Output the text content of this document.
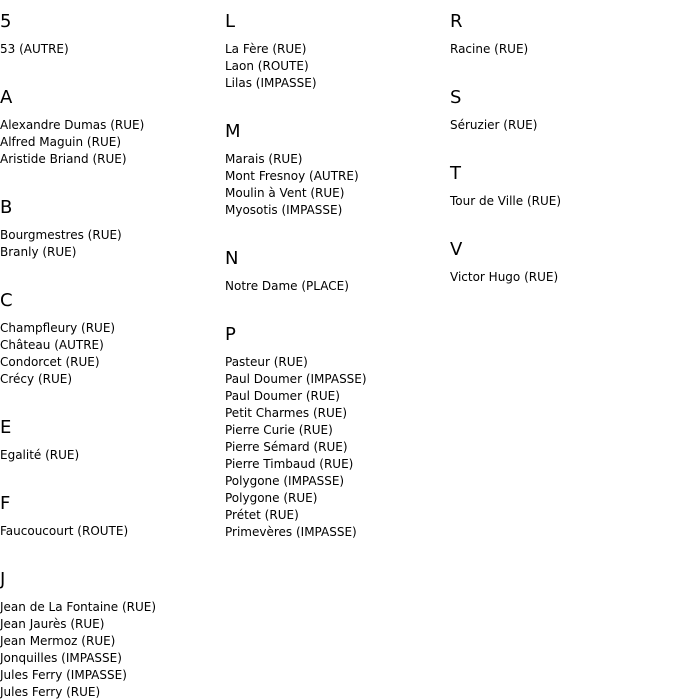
5
53 (AUTRE)
A
Alexandre Dumas (RUE)
Alfred Maguin (RUE)
Aristide Briand (RUE)
B
Bourgmestres (RUE)
Branly (RUE)
C
Champfleury (RUE)
Château (AUTRE)
Condorcet (RUE)
Crécy (RUE)
E
Egalité (RUE)
F
Faucoucourt (ROUTE)
J
Jean de La Fontaine (RUE)
Jean Jaurès (RUE)
Jean Mermoz (RUE)
Jonquilles (IMPASSE)
Jules Ferry (IMPASSE)
Jules Ferry (RUE)
L
La Fère (RUE)
Laon (ROUTE)
Lilas (IMPASSE)
M
Marais (RUE)
Mont Fresnoy (AUTRE)
Moulin à Vent (RUE)
Myosotis (IMPASSE)
N
Notre Dame (PLACE)
P
Pasteur (RUE)
Paul Doumer (IMPASSE)
Paul Doumer (RUE)
Petit Charmes (RUE)
Pierre Curie (RUE)
Pierre Sémard (RUE)
Pierre Timbaud (RUE)
Polygone (IMPASSE)
Polygone (RUE)
Prétet (RUE)
Primevères (IMPASSE)
R
Racine (RUE)
S
Séruzier (RUE)
T
Tour de Ville (RUE)
V
Victor Hugo (RUE)
